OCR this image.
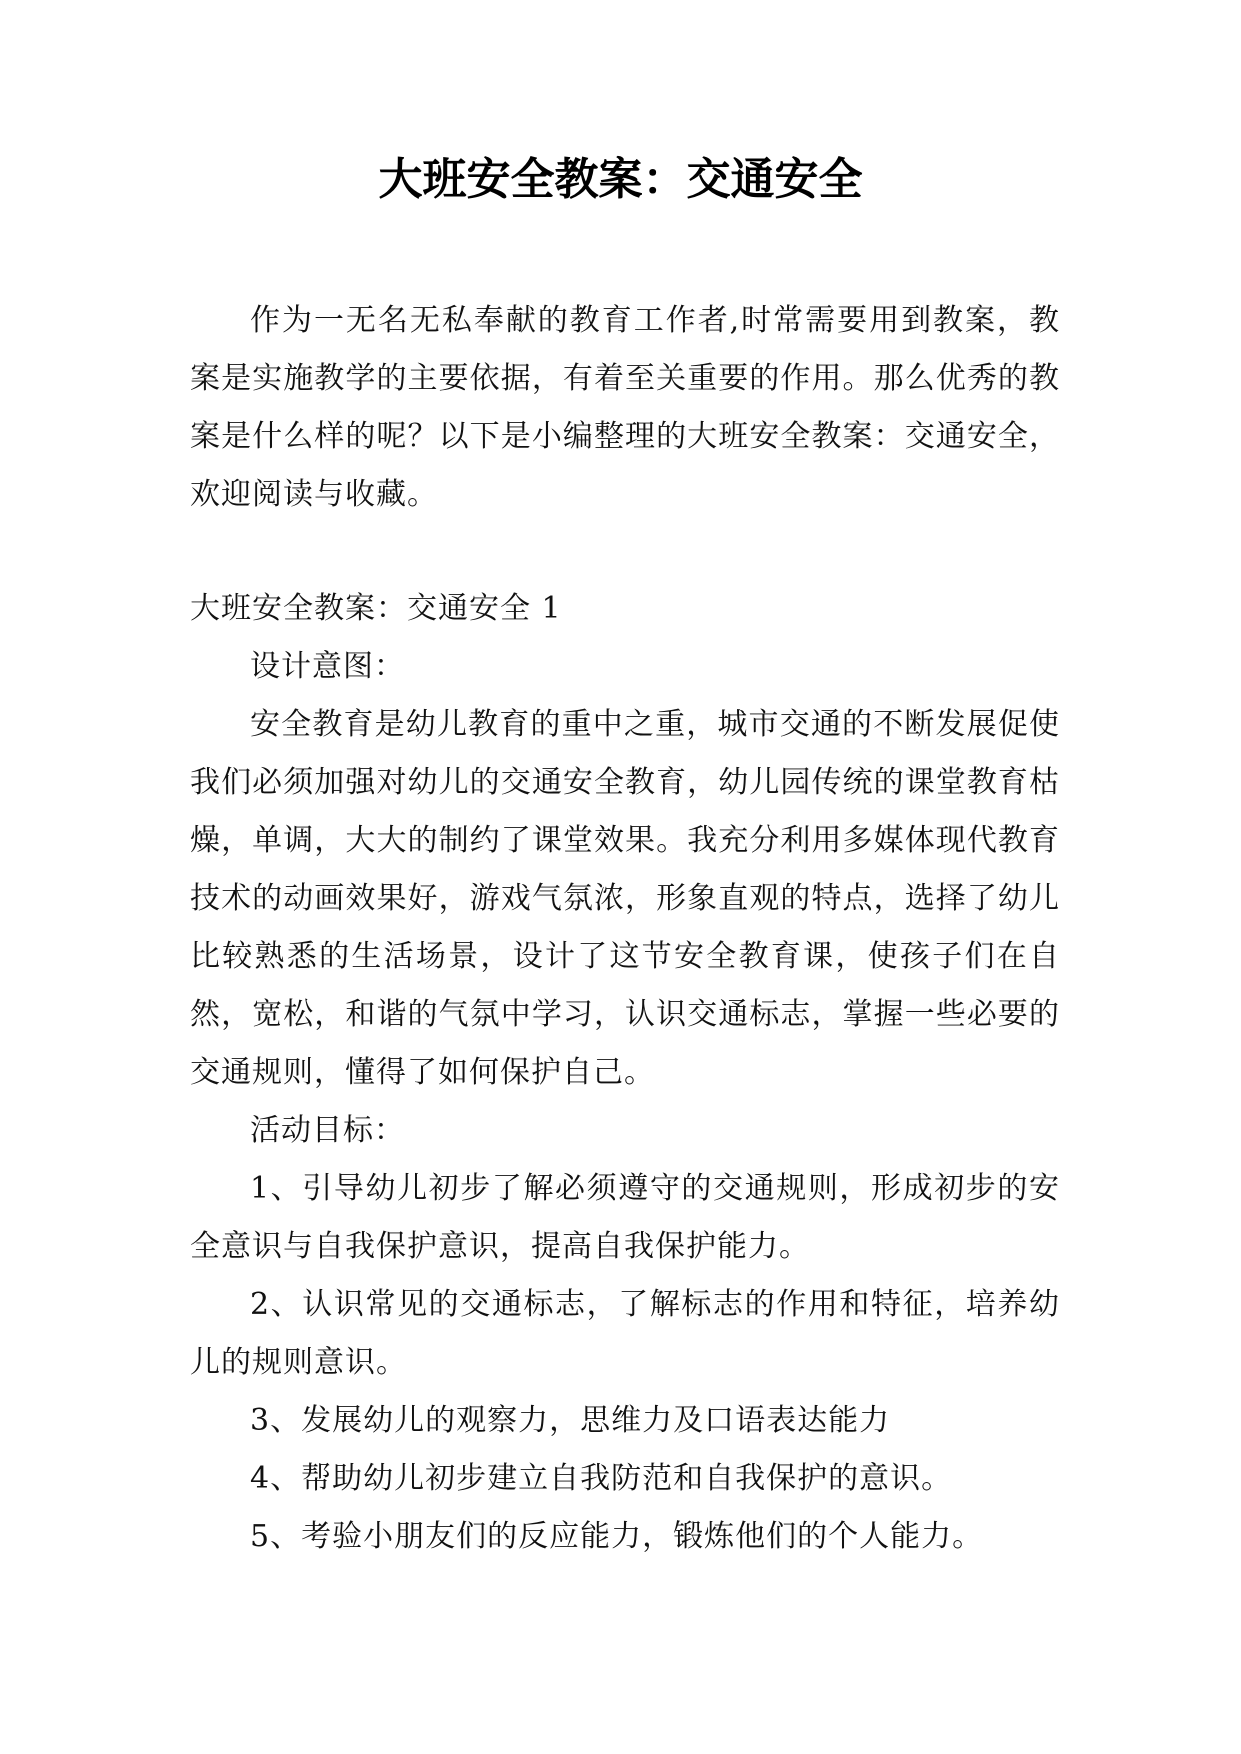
大班安全教案：交通安全

作为一无名无私奉献的教育工作者,时常需要用到教案，教案是实施教学的主要依据，有着至关重要的作用。那么优秀的教案是什么样的呢？以下是小编整理的大班安全教案：交通安全，欢迎阅读与收藏。

大班安全教案：交通安全 1

设计意图：

安全教育是幼儿教育的重中之重，城市交通的不断发展促使我们必须加强对幼儿的交通安全教育，幼儿园传统的课堂教育枯燥，单调，大大的制约了课堂效果。我充分利用多媒体现代教育技术的动画效果好，游戏气氛浓，形象直观的特点，选择了幼儿比较熟悉的生活场景，设计了这节安全教育课，使孩子们在自然，宽松，和谐的气氛中学习，认识交通标志，掌握一些必要的交通规则，懂得了如何保护自己。

活动目标：

1、引导幼儿初步了解必须遵守的交通规则，形成初步的安全意识与自我保护意识，提高自我保护能力。

2、认识常见的交通标志，了解标志的作用和特征，培养幼儿的规则意识。

3、发展幼儿的观察力，思维力及口语表达能力

4、帮助幼儿初步建立自我防范和自我保护的意识。

5、考验小朋友们的反应能力，锻炼他们的个人能力。
